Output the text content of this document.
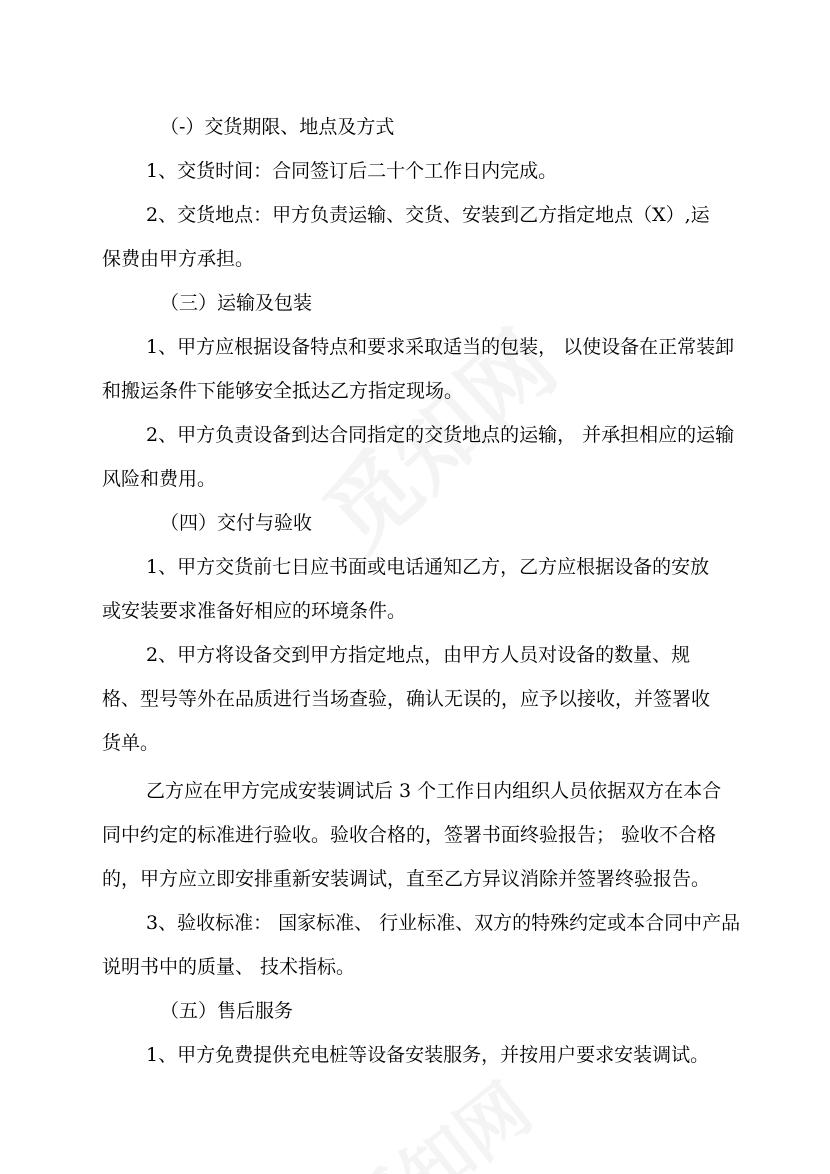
（-）交货期限、地点及方式

1、交货时间：合同签订后二十个工作日内完成。

2、交货地点：甲方负责运输、交货、安装到乙方指定地点（X）,运

保费由甲方承担。

（三）运输及包装

1、甲方应根据设备特点和要求采取适当的包装， 以使设备在正常装卸

和搬运条件下能够安全抵达乙方指定现场。

2、甲方负责设备到达合同指定的交货地点的运输， 并承担相应的运输

风险和费用。

（四）交付与验收

1、甲方交货前七日应书面或电话通知乙方，乙方应根据设备的安放

或安装要求准备好相应的环境条件。

2、甲方将设备交到甲方指定地点，由甲方人员对设备的数量、规

格、型号等外在品质进行当场查验，确认无误的，应予以接收，并签署收

货单。

乙方应在甲方完成安装调试后 3 个工作日内组织人员依据双方在本合

同中约定的标准进行验收。验收合格的，签署书面终验报告； 验收不合格

的，甲方应立即安排重新安装调试，直至乙方异议消除并签署终验报告。

3、验收标准： 国家标准、 行业标准、双方的特殊约定或本合同中产品

说明书中的质量、 技术指标。

（五）售后服务

1、甲方免费提供充电桩等设备安装服务，并按用户要求安装调试。
